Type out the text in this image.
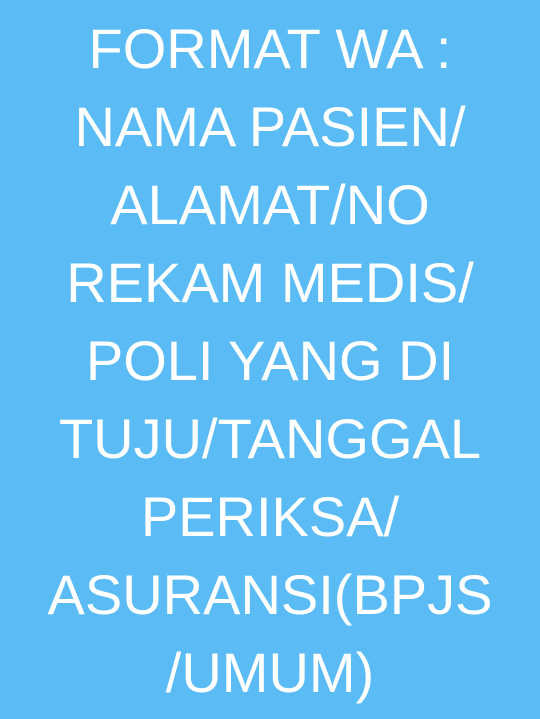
FORMAT WA :
NAMA PASIEN/
ALAMAT/NO
REKAM MEDIS/
POLI YANG DI
TUJU/TANGGAL
PERIKSA/
ASURANSI(BPJS
/UMUM)
